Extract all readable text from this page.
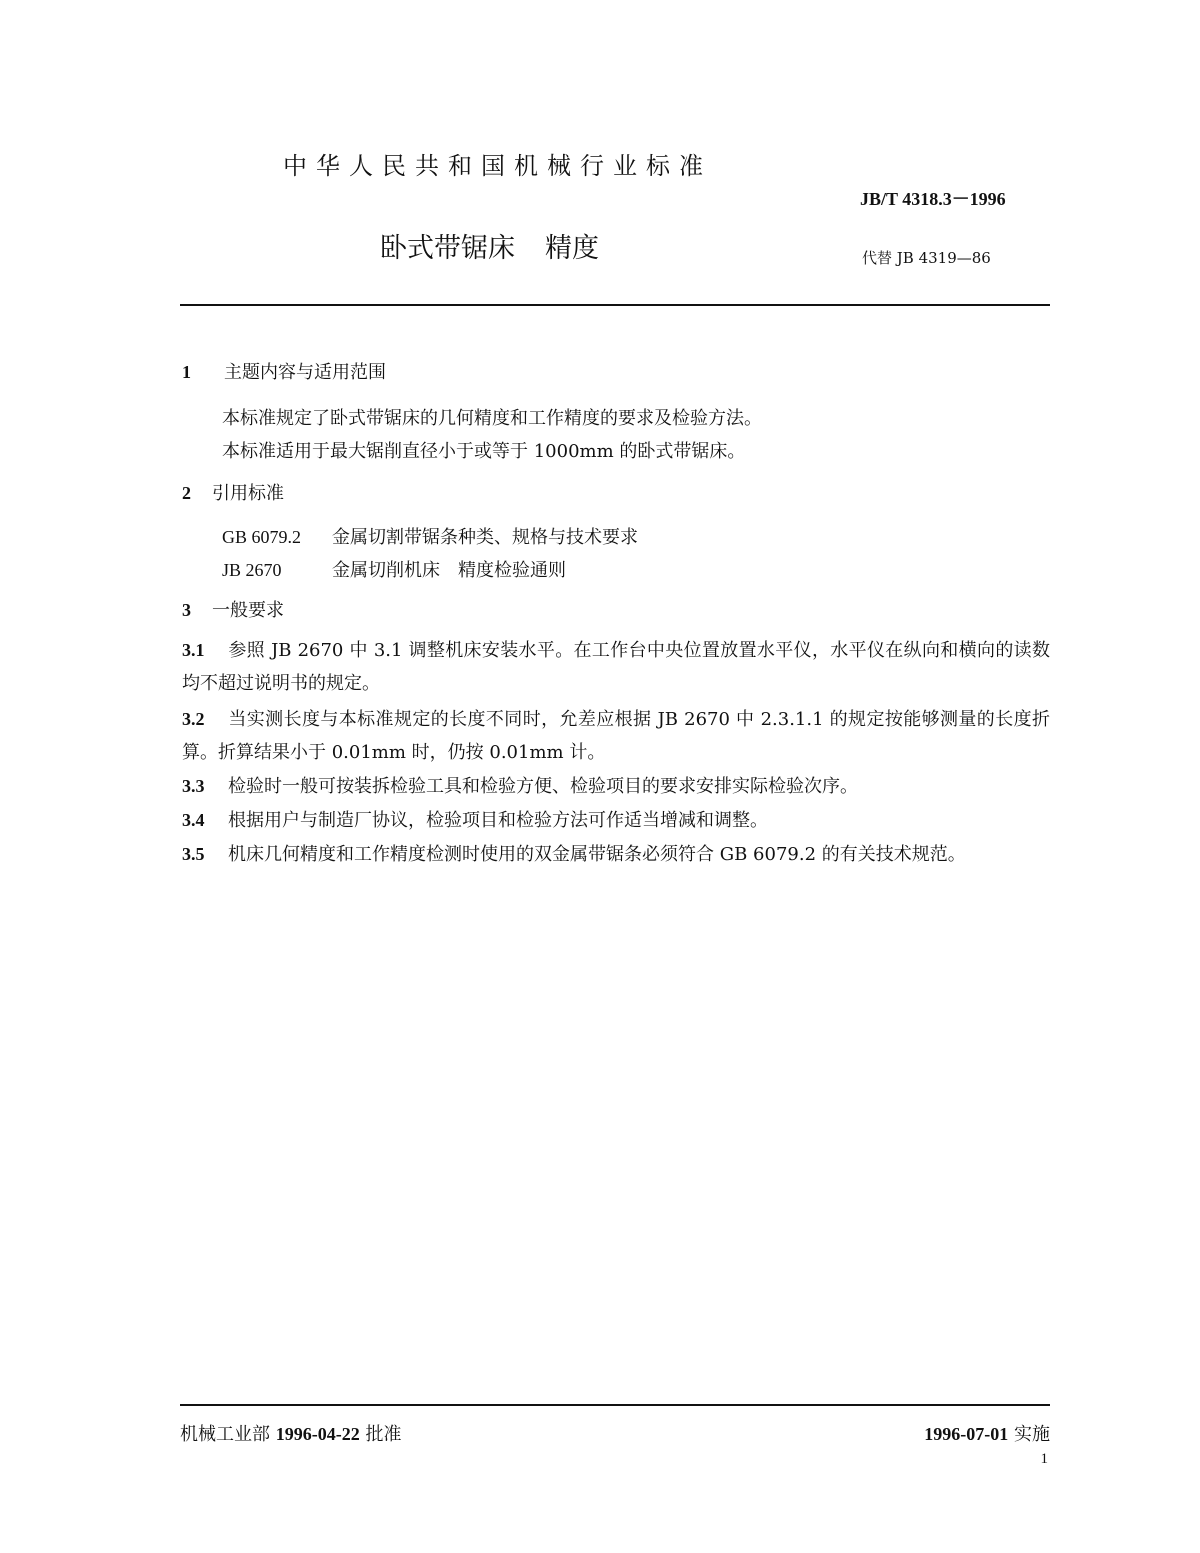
中华人民共和国机械行业标准
JB/T 4318.3－1996
卧式带锯床 精度	代替 JB 4319—86
1 主题内容与适用范围
本标准规定了卧式带锯床的几何精度和工作精度的要求及检验方法。
本标准适用于最大锯削直径小于或等于 1000mm 的卧式带锯床。
2 引用标准
GB 6079.2 金属切割带锯条种类、规格与技术要求
JB 2670	金属切削机床　精度检验通则
3 一般要求
3.1 参照 JB 2670 中 3.1 调整机床安装水平。在工作台中央位置放置水平仪，水平仪在纵向和横向的读数均不超过说明书的规定。
3.2 当实测长度与本标准规定的长度不同时，允差应根据 JB 2670 中 2.3.1.1 的规定按能够测量的长度折算。折算结果小于 0.01mm 时，仍按 0.01mm 计。
3.3 检验时一般可按装拆检验工具和检验方便、检验项目的要求安排实际检验次序。
3.4 根据用户与制造厂协议，检验项目和检验方法可作适当增减和调整。
3.5 机床几何精度和工作精度检测时使用的双金属带锯条必须符合 GB 6079.2 的有关技术规范。
机械工业部 1996-04-22 批准	1996-07-01 实施
1
